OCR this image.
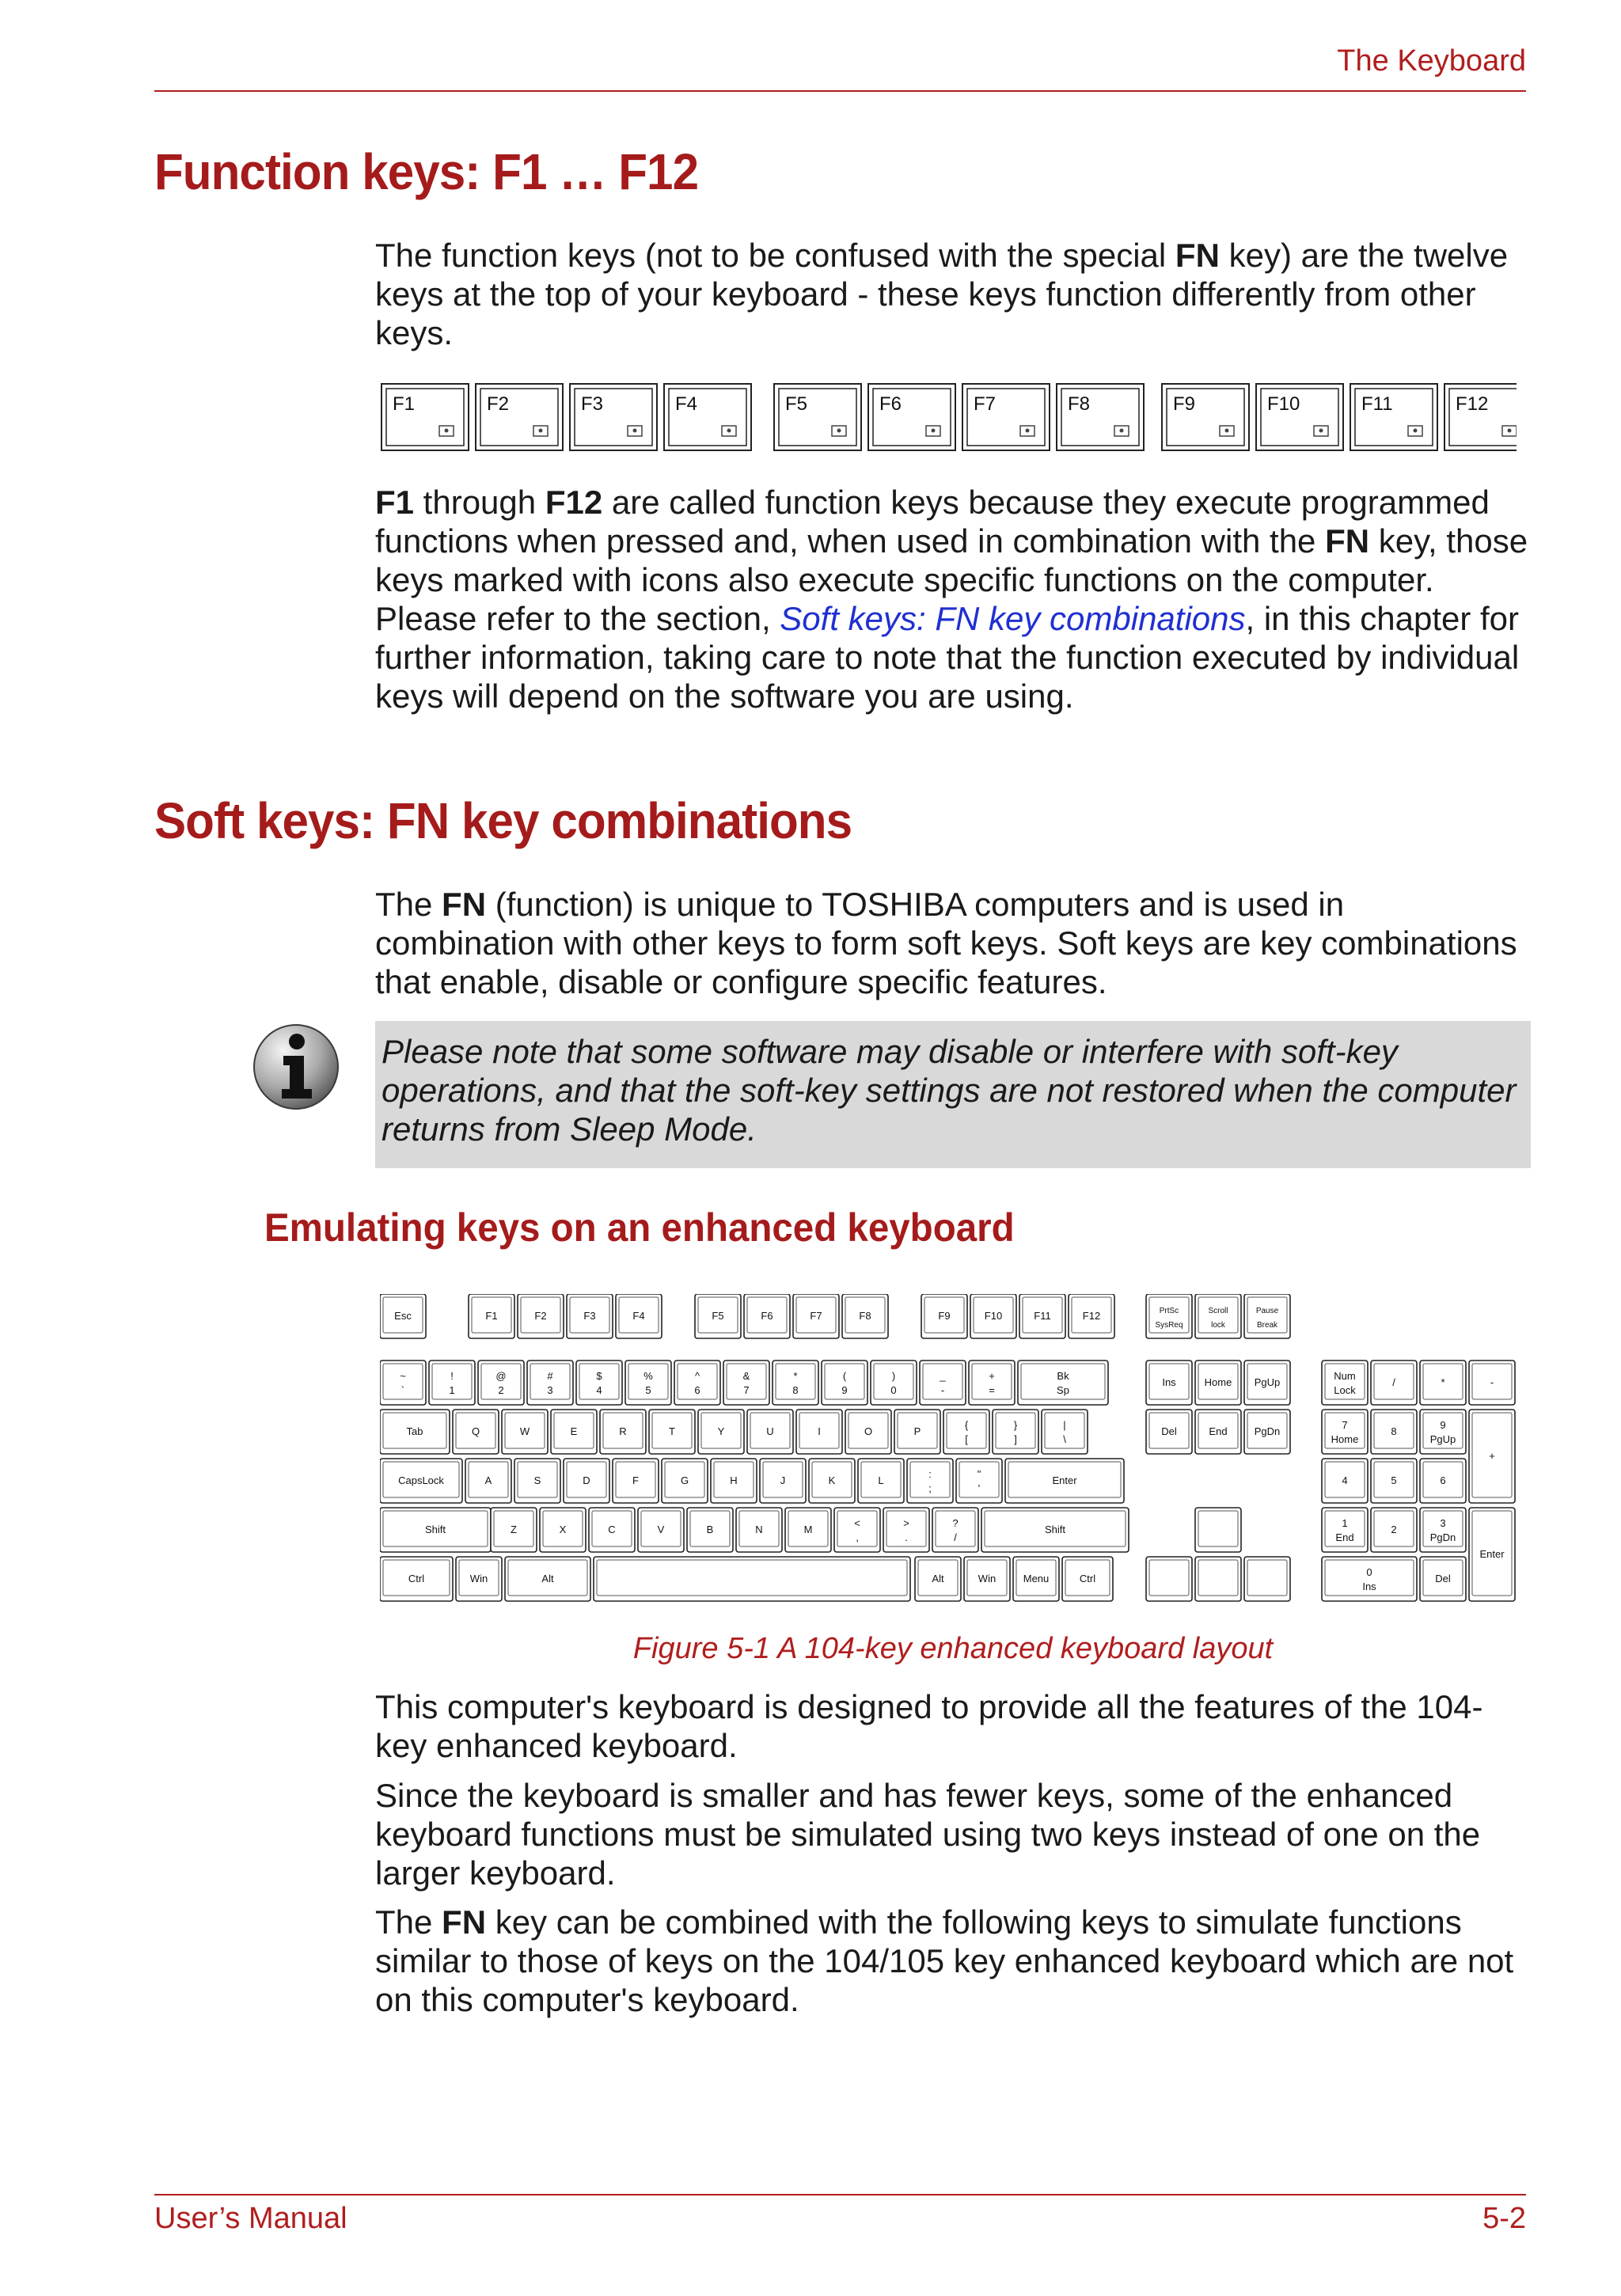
The Keyboard
Function keys: F1 … F12

The function keys (not to be confused with the special FN key) are the twelve keys at the top of your keyboard - these keys function differently from other keys.

F1	F2	F3	F4	F5	F6	F7	F8	F9	F10	F11	F12

F1 through F12 are called function keys because they execute programmed functions when pressed and, when used in combination with the FN key, those keys marked with icons also execute specific functions on the computer. Please refer to the section, Soft keys: FN key combinations, in this chapter for further information, taking care to note that the function executed by individual keys will depend on the software you are using.

Soft keys: FN key combinations

The FN (function) is unique to TOSHIBA computers and is used in combination with other keys to form soft keys. Soft keys are key combinations that enable, disable or configure specific features.

Please note that some software may disable or interfere with soft-key operations, and that the soft-key settings are not restored when the computer returns from Sleep Mode.

Emulating keys on an enhanced keyboard
Esc	F1	F2	F3	F4	F5	F6	F7	F8	F9	F10	F11	F12	PrtSc
SysReq
Scroll
lock
Pause
Break
~
`
!
1
@
2
#
3
$
4
%
5
^
6
&
7
*
8
(
9
)
0
_
-
+
=
Bk
Sp
Tab	Q	W	E	R	T	Y	U	I	O	P
{
[
}
]
|
\
CapsLock	A	S	D	F	G	H	J	K	L
:
;
"
'
Enter
Shift	Z	X	C	V	B	N	M
<
,
>
.
?
/
Shift
Ctrl	Win	Alt	Alt	Win	Menu	Ctrl
Ins	Home PgUp
Del	End	PgDn
Num
Lock
/	*	-
7
Home
8
9
PgUp
+
4	5	6
1
End
2
3
PgDn
Enter
0
Ins
Del
Figure 5-1 A 104-key enhanced keyboard layout

This computer's keyboard is designed to provide all the features of the 104-key enhanced keyboard.

Since the keyboard is smaller and has fewer keys, some of the enhanced keyboard functions must be simulated using two keys instead of one on the larger keyboard.

The FN key can be combined with the following keys to simulate functions similar to those of keys on the 104/105 key enhanced keyboard which are not on this computer's keyboard.

User’s Manual	5-2
